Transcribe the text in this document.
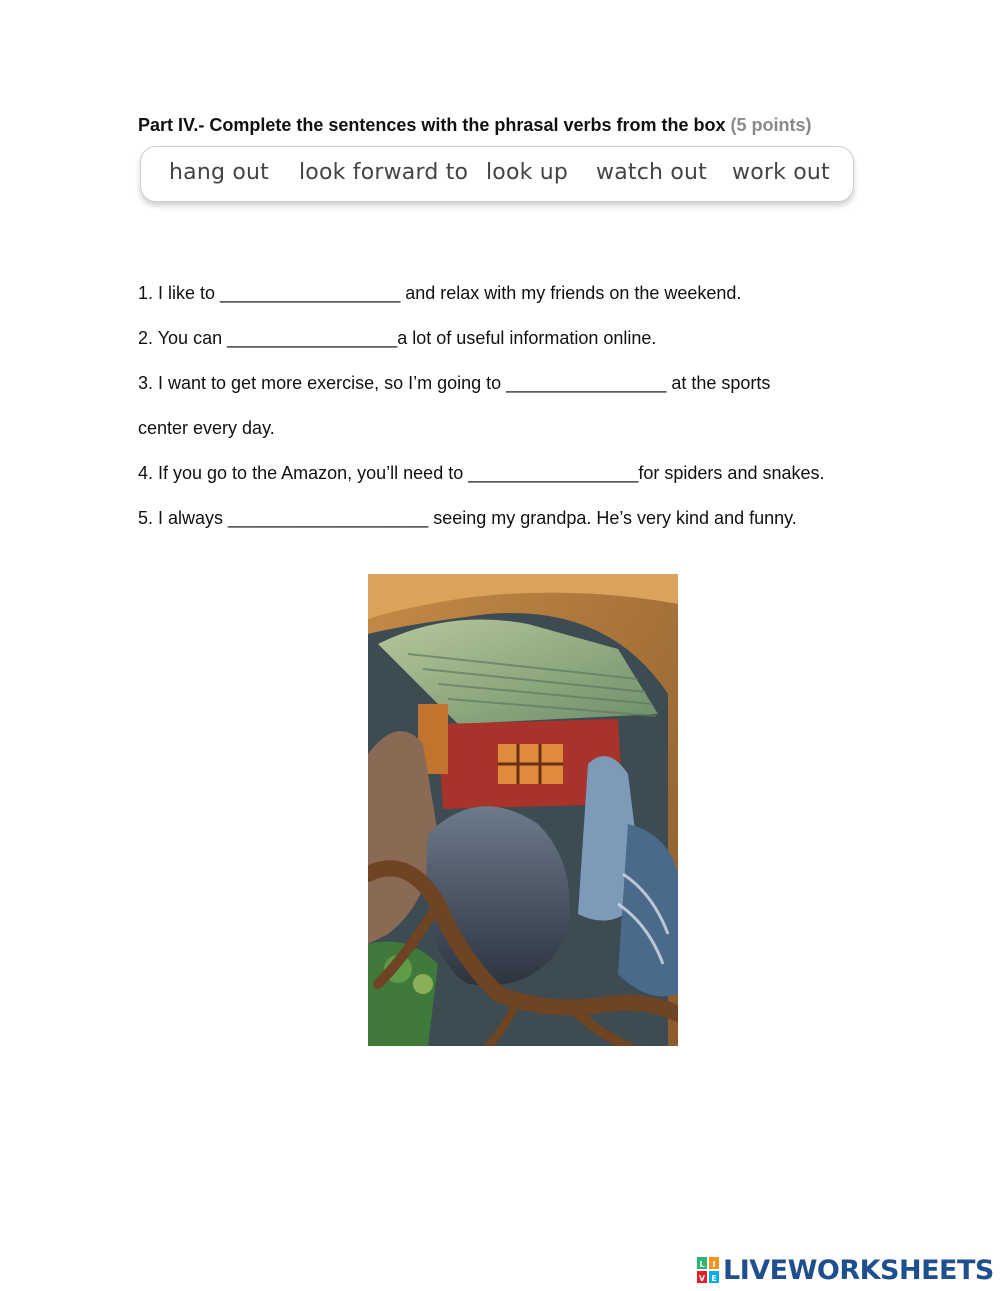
Part IV.- Complete the sentences with the phrasal verbs from the box (5 points)
hang out look forward to look up watch out work out
1. I like to __________________ and relax with my friends on the weekend.
2. You can _________________a lot of useful information online.
3. I want to get more exercise, so I’m going to ________________ at the sports
center every day.
4. If you go to the Amazon, you’ll need to _________________for spiders and snakes.
5. I always ____________________ seeing my grandpa. He’s very kind and funny.
L I
V E LIVEWORKSHEETS
